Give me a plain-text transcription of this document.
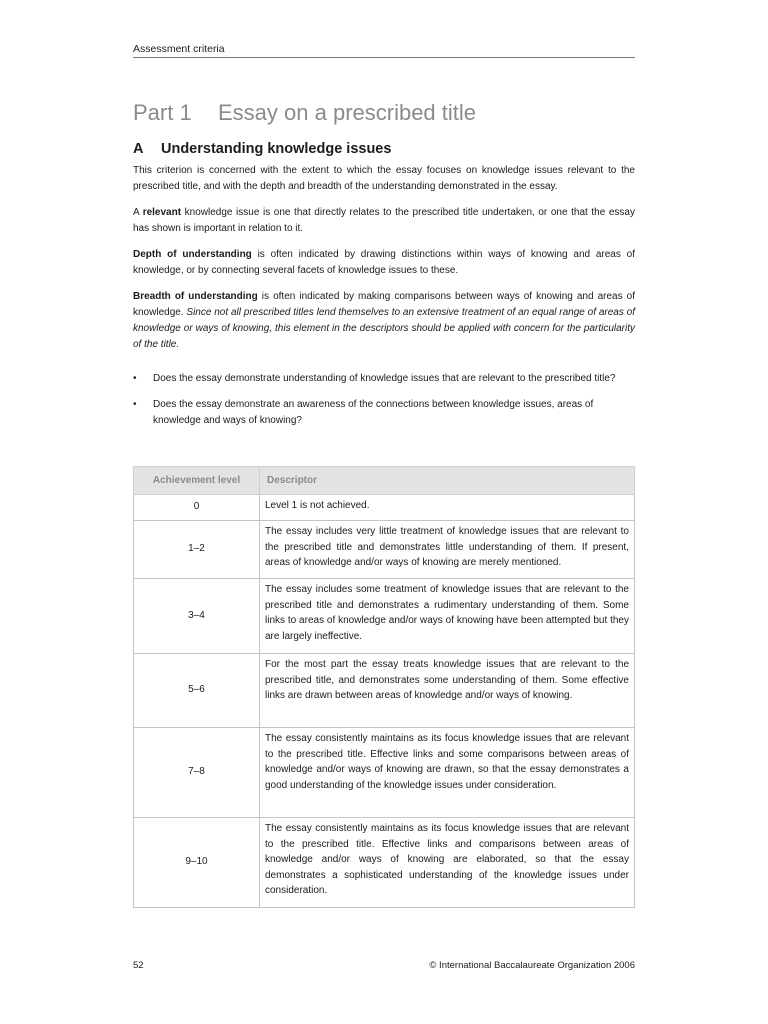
Assessment criteria
Part 1 Essay on a prescribed title
A Understanding knowledge issues

This criterion is concerned with the extent to which the essay focuses on knowledge issues relevant to the prescribed title, and with the depth and breadth of the understanding demonstrated in the essay.

A relevant knowledge issue is one that directly relates to the prescribed title undertaken, or one that the essay has shown is important in relation to it.

Depth of understanding is often indicated by drawing distinctions within ways of knowing and areas of knowledge, or by connecting several facets of knowledge issues to these.

Breadth of understanding is often indicated by making comparisons between ways of knowing and areas of knowledge. Since not all prescribed titles lend themselves to an extensive treatment of an equal range of areas of knowledge or ways of knowing, this element in the descriptors should be applied with concern for the particularity of the title.

• Does the essay demonstrate understanding of knowledge issues that are relevant to the prescribed title?
• Does the essay demonstrate an awareness of the connections between knowledge issues, areas of knowledge and ways of knowing?
Achievement level	Descriptor
0	Level 1 is not achieved.
1–2	The essay includes very little treatment of knowledge issues that are relevant to the prescribed title and demonstrates little understanding of them. If present, areas of knowledge and/or ways of knowing are merely mentioned.
3–4	The essay includes some treatment of knowledge issues that are relevant to the prescribed title and demonstrates a rudimentary understanding of them. Some links to areas of knowledge and/or ways of knowing have been attempted but they are largely ineffective.
5–6	For the most part the essay treats knowledge issues that are relevant to the prescribed title, and demonstrates some understanding of them. Some effective links are drawn between areas of knowledge and/or ways of knowing.
7–8	The essay consistently maintains as its focus knowledge issues that are relevant to the prescribed title. Effective links and some comparisons between areas of knowledge and/or ways of knowing are drawn, so that the essay demonstrates a good understanding of the knowledge issues under consideration.
9–10	The essay consistently maintains as its focus knowledge issues that are relevant to the prescribed title. Effective links and comparisons between areas of knowledge and/or ways of knowing are elaborated, so that the essay demonstrates a sophisticated understanding of the knowledge issues under consideration.
52	© International Baccalaureate Organization 2006
